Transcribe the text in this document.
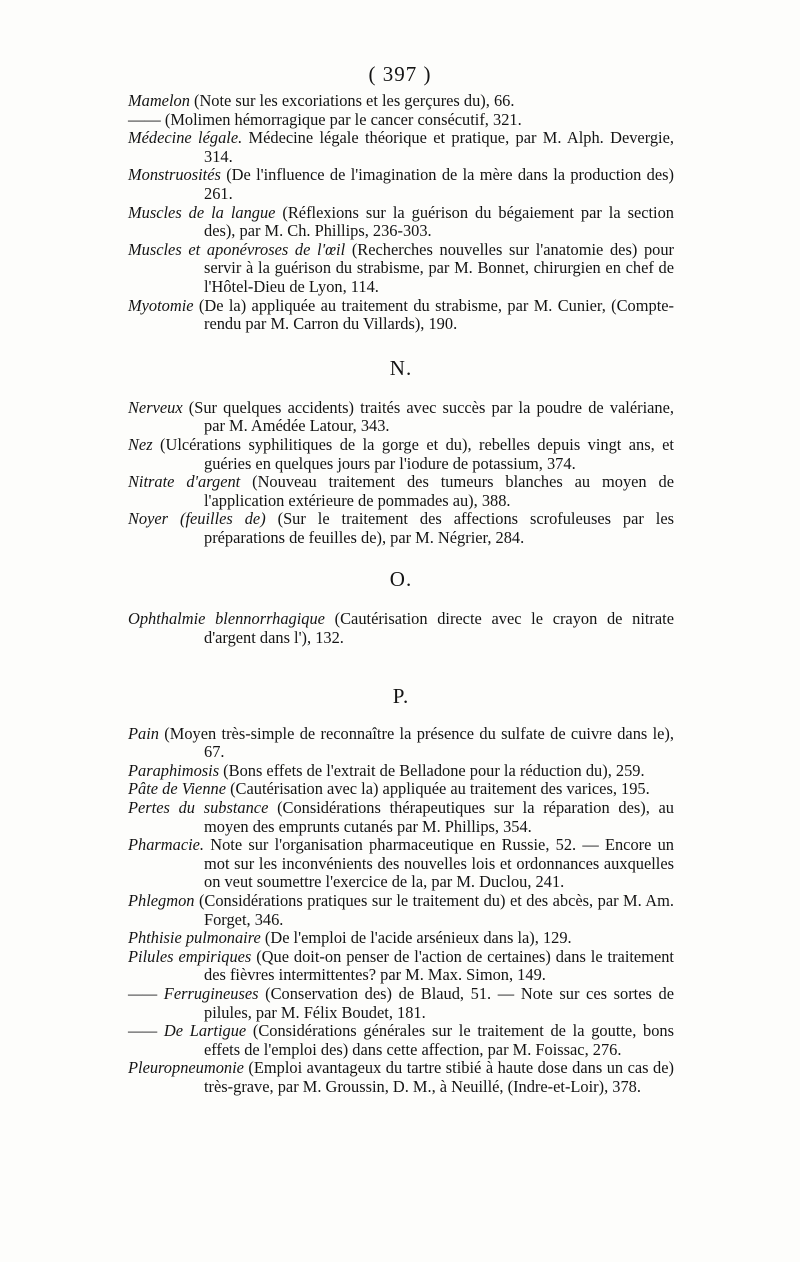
( 397 )

Mamelon (Note sur les excoriations et les gerçures du), 66.

—— (Molimen hémorragique par le cancer consécutif, 321.

Médecine légale. Médecine légale théorique et pratique, par M. Alph. Devergie, 314.

Monstruosités (De l'influence de l'imagination de la mère dans la production des) 261.

Muscles de la langue (Réflexions sur la guérison du bégaiement par la section des), par M. Ch. Phillips, 236-303.

Muscles et aponévroses de l'œil (Recherches nouvelles sur l'anatomie des) pour servir à la guérison du strabisme, par M. Bonnet, chirurgien en chef de l'Hôtel-Dieu de Lyon, 114.

Myotomie (De la) appliquée au traitement du strabisme, par M. Cunier, (Compte-rendu par M. Carron du Villards), 190.

N.

Nerveux (Sur quelques accidents) traités avec succès par la poudre de valériane, par M. Amédée Latour, 343.

Nez (Ulcérations syphilitiques de la gorge et du), rebelles depuis vingt ans, et guéries en quelques jours par l'iodure de potassium, 374.

Nitrate d'argent (Nouveau traitement des tumeurs blanches au moyen de l'application extérieure de pommades au), 388.

Noyer (feuilles de) (Sur le traitement des affections scrofuleuses par les préparations de feuilles de), par M. Négrier, 284.

O.

Ophthalmie blennorrhagique (Cautérisation directe avec le crayon de nitrate d'argent dans l'), 132.

P.

Pain (Moyen très-simple de reconnaître la présence du sulfate de cuivre dans le), 67.

Paraphimosis (Bons effets de l'extrait de Belladone pour la réduction du), 259.

Pâte de Vienne (Cautérisation avec la) appliquée au traitement des varices, 195.

Pertes du substance (Considérations thérapeutiques sur la réparation des), au moyen des emprunts cutanés par M. Phillips, 354.

Pharmacie. Note sur l'organisation pharmaceutique en Russie, 52. — Encore un mot sur les inconvénients des nouvelles lois et ordonnances auxquelles on veut soumettre l'exercice de la, par M. Duclou, 241.

Phlegmon (Considérations pratiques sur le traitement du) et des abcès, par M. Am. Forget, 346.

Phthisie pulmonaire (De l'emploi de l'acide arsénieux dans la), 129.

Pilules empiriques (Que doit-on penser de l'action de certaines) dans le traitement des fièvres intermittentes? par M. Max. Simon, 149.

—— Ferrugineuses (Conservation des) de Blaud, 51. — Note sur ces sortes de pilules, par M. Félix Boudet, 181.

—— De Lartigue (Considérations générales sur le traitement de la goutte, bons effets de l'emploi des) dans cette affection, par M. Foissac, 276.

Pleuropneumonie (Emploi avantageux du tartre stibié à haute dose dans un cas de) très-grave, par M. Groussin, D. M., à Neuillé, (Indre-et-Loir), 378.
